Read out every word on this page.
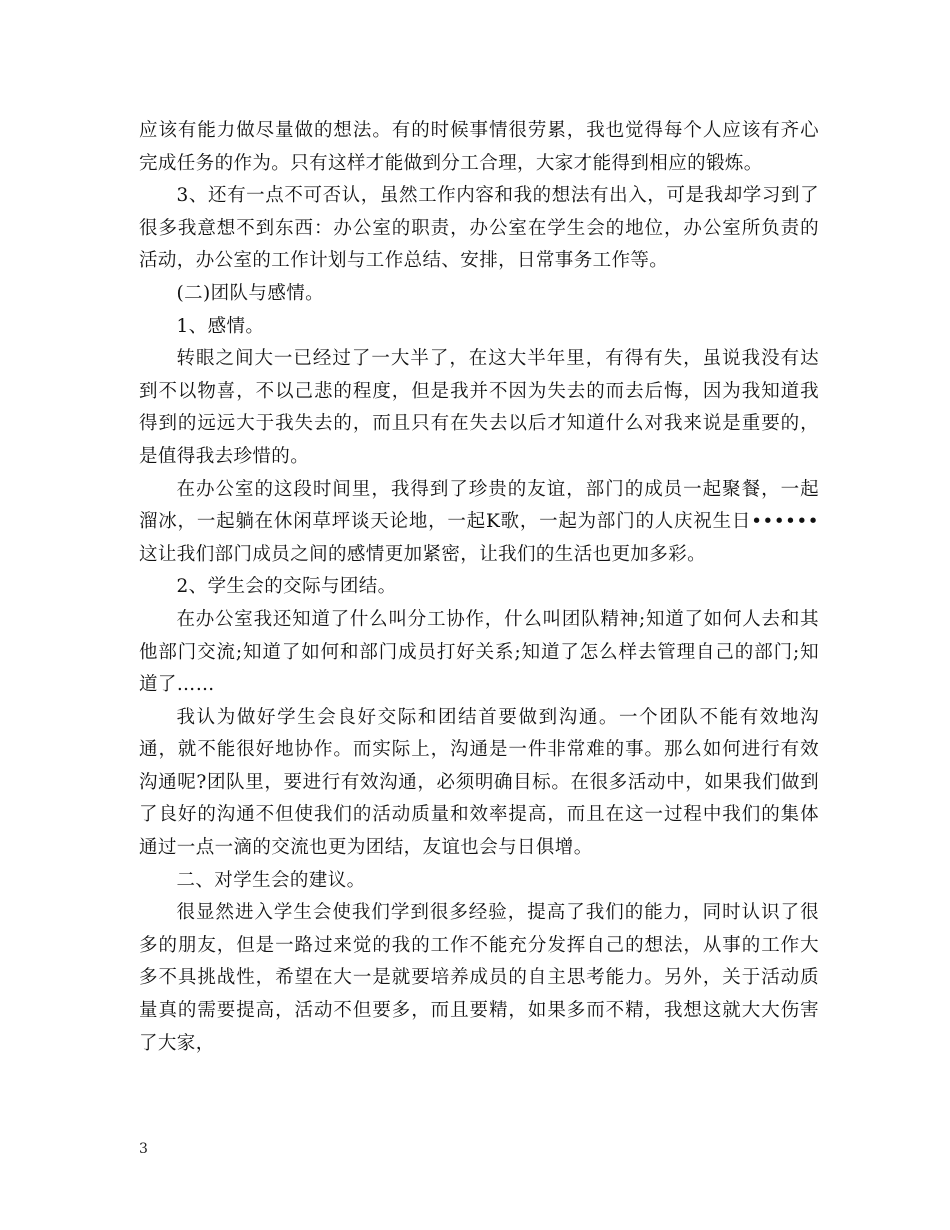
应该有能力做尽量做的想法。有的时候事情很劳累，我也觉得每个人应该有齐心完成任务的作为。只有这样才能做到分工合理，大家才能得到相应的锻炼。

3、还有一点不可否认，虽然工作内容和我的想法有出入，可是我却学习到了很多我意想不到东西：办公室的职责，办公室在学生会的地位，办公室所负责的活动，办公室的工作计划与工作总结、安排，日常事务工作等。

(二)团队与感情。

1、感情。

转眼之间大一已经过了一大半了，在这大半年里，有得有失，虽说我没有达到不以物喜，不以己悲的程度，但是我并不因为失去的而去后悔，因为我知道我得到的远远大于我失去的，而且只有在失去以后才知道什么对我来说是重要的，是值得我去珍惜的。

在办公室的这段时间里，我得到了珍贵的友谊，部门的成员一起聚餐，一起溜冰，一起躺在休闲草坪谈天论地，一起K歌，一起为部门的人庆祝生日••••••这让我们部门成员之间的感情更加紧密，让我们的生活也更加多彩。

2、学生会的交际与团结。

在办公室我还知道了什么叫分工协作，什么叫团队精神;知道了如何人去和其他部门交流;知道了如何和部门成员打好关系;知道了怎么样去管理自己的部门;知道了……

我认为做好学生会良好交际和团结首要做到沟通。一个团队不能有效地沟通，就不能很好地协作。而实际上，沟通是一件非常难的事。那么如何进行有效沟通呢?团队里，要进行有效沟通，必须明确目标。在很多活动中，如果我们做到了良好的沟通不但使我们的活动质量和效率提高，而且在这一过程中我们的集体通过一点一滴的交流也更为团结，友谊也会与日俱增。

二、对学生会的建议。

很显然进入学生会使我们学到很多经验，提高了我们的能力，同时认识了很多的朋友，但是一路过来觉的我的工作不能充分发挥自己的想法，从事的工作大多不具挑战性，希望在大一是就要培养成员的自主思考能力。另外，关于活动质量真的需要提高，活动不但要多，而且要精，如果多而不精，我想这就大大伤害了大家，

3
